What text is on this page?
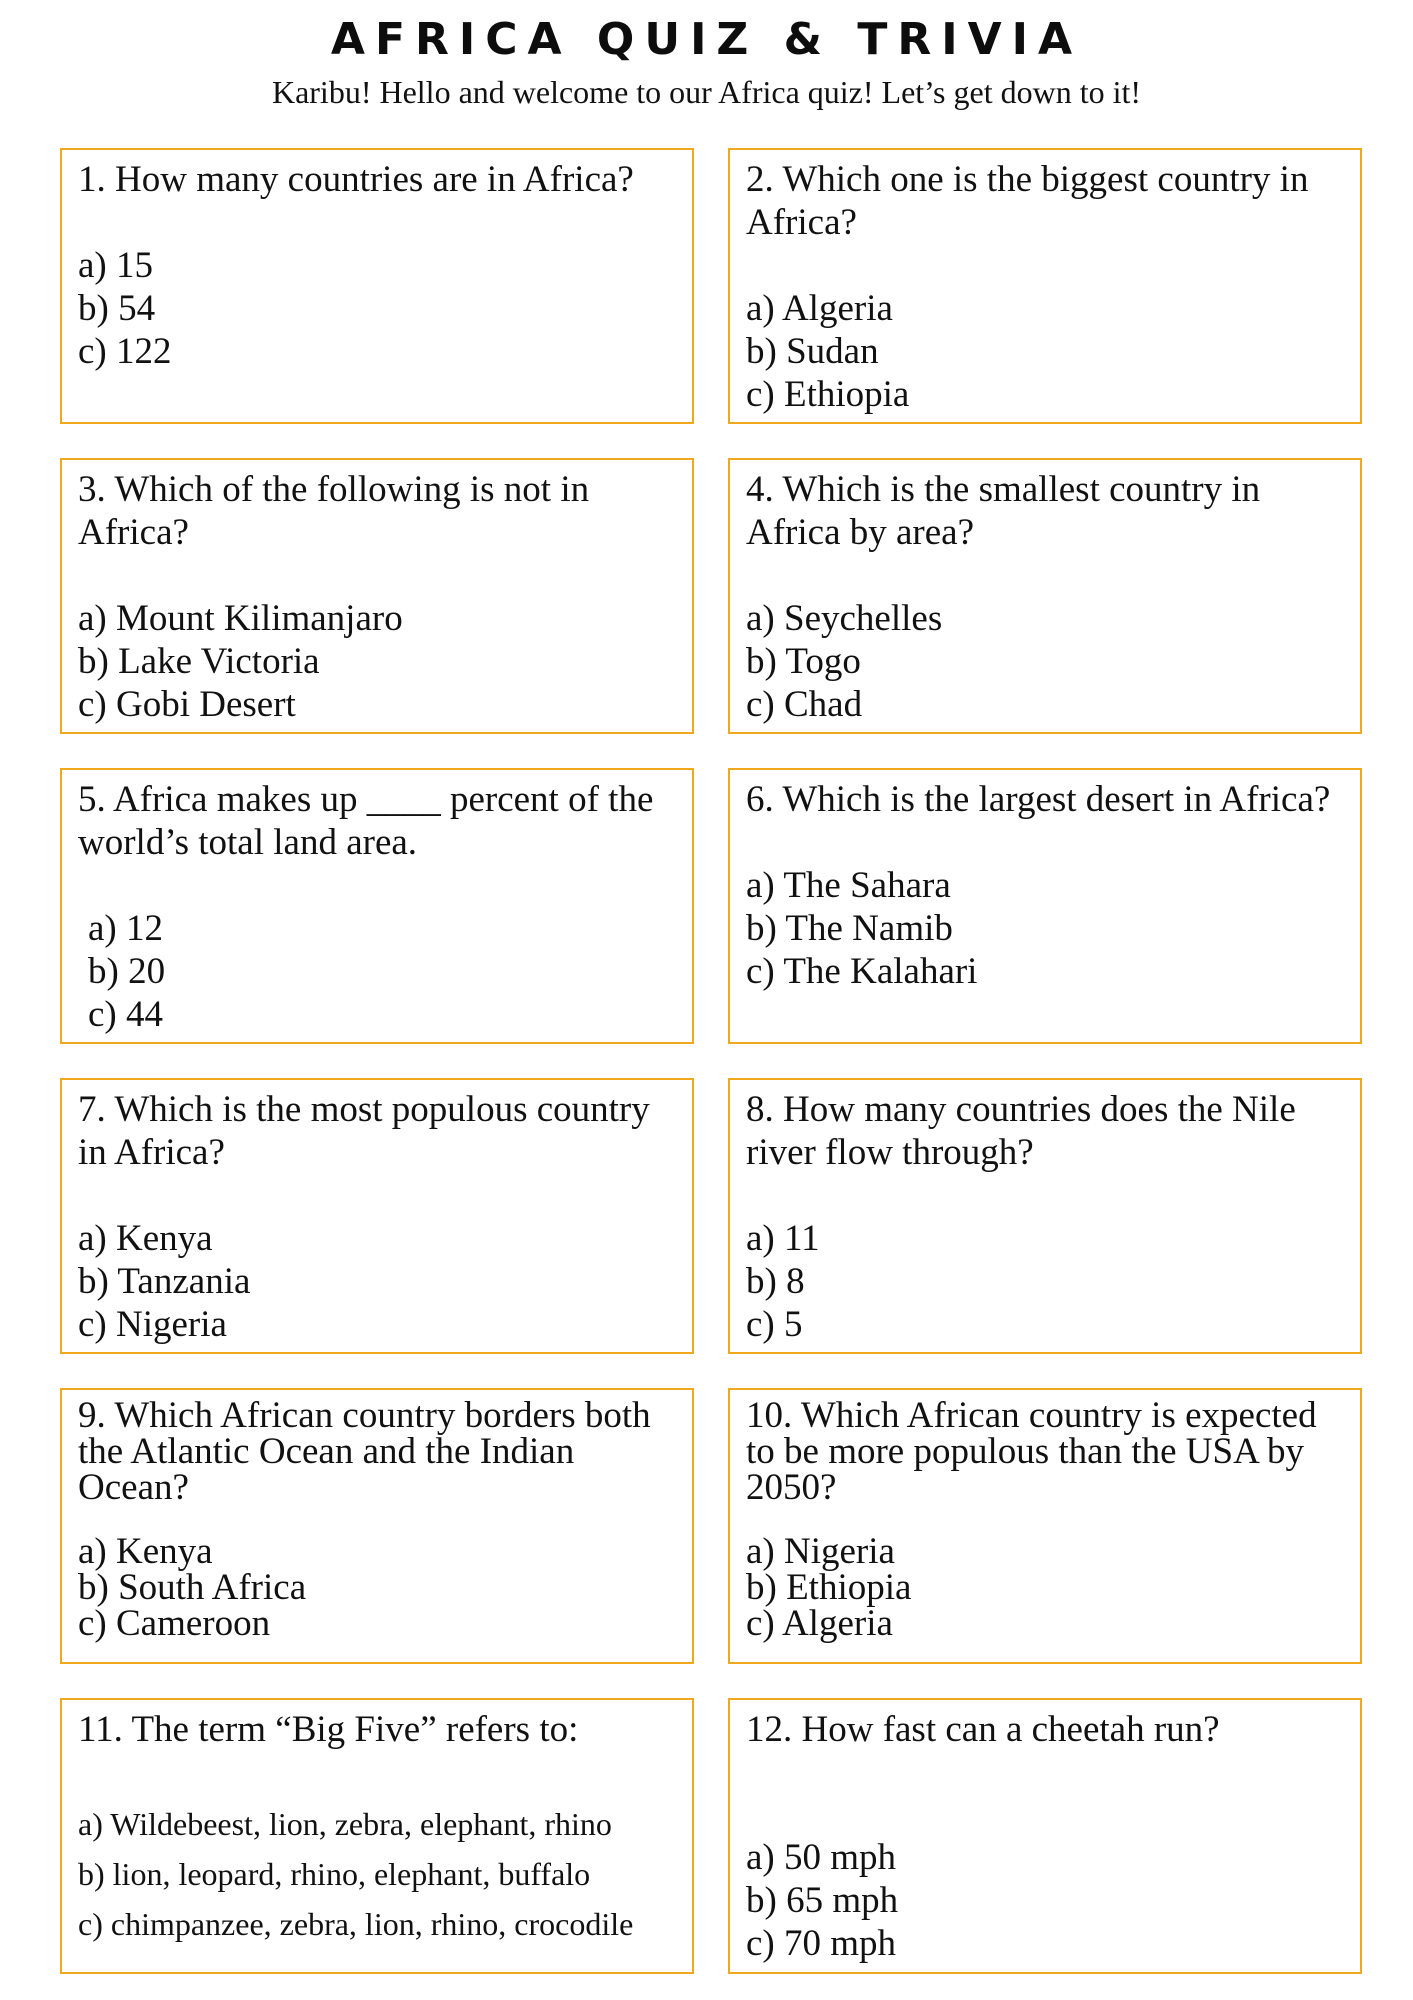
AFRICA QUIZ & TRIVIA
Karibu! Hello and welcome to our Africa quiz! Let’s get down to it!
1. How many countries are in Africa?
a) 15
b) 54
c) 122
2. Which one is the biggest country in Africa?
a) Algeria
b) Sudan
c) Ethiopia
3. Which of the following is not in Africa?
a) Mount Kilimanjaro
b) Lake Victoria
c) Gobi Desert
4. Which is the smallest country in Africa by area?
a) Seychelles
b) Togo
c) Chad
5. Africa makes up ____ percent of the world’s total land area.
a) 12
b) 20
c) 44
6. Which is the largest desert in Africa?
a) The Sahara
b) The Namib
c) The Kalahari
7. Which is the most populous country in Africa?
a) Kenya
b) Tanzania
c) Nigeria
8. How many countries does the Nile river flow through?
a) 11
b) 8
c) 5
9. Which African country borders both the Atlantic Ocean and the Indian Ocean?
a) Kenya
b) South Africa
c) Cameroon
10. Which African country is expected to be more populous than the USA by 2050?
a) Nigeria
b) Ethiopia
c) Algeria
11. The term “Big Five” refers to:
a) Wildebeest, lion, zebra, elephant, rhino
b) lion, leopard, rhino, elephant, buffalo
c) chimpanzee, zebra, lion, rhino, crocodile
12. How fast can a cheetah run?
a) 50 mph
b) 65 mph
c) 70 mph
